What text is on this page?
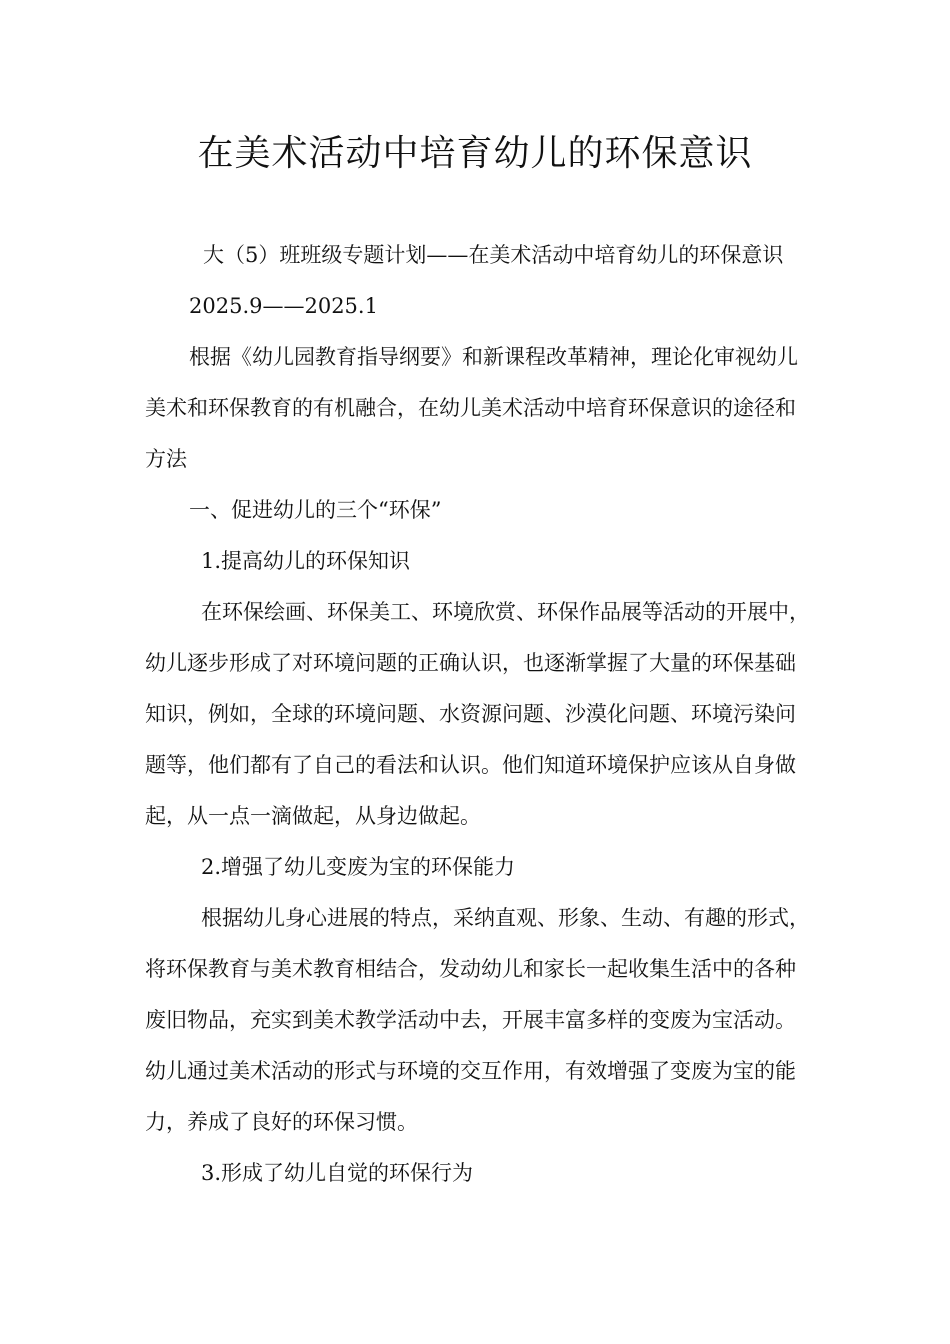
在美术活动中培育幼儿的环保意识

大（5）班班级专题计划——在美术活动中培育幼儿的环保意识

2025.9——2025.1

根据《幼儿园教育指导纲要》和新课程改革精神，理论化审视幼儿美术和环保教育的有机融合，在幼儿美术活动中培育环保意识的途径和方法

一、促进幼儿的三个“环保”

1.提高幼儿的环保知识

在环保绘画、环保美工、环境欣赏、环保作品展等活动的开展中，幼儿逐步形成了对环境问题的正确认识，也逐渐掌握了大量的环保基础知识，例如，全球的环境问题、水资源问题、沙漠化问题、环境污染问题等，他们都有了自己的看法和认识。他们知道环境保护应该从自身做起，从一点一滴做起，从身边做起。

2.增强了幼儿变废为宝的环保能力

根据幼儿身心进展的特点，采纳直观、形象、生动、有趣的形式，将环保教育与美术教育相结合，发动幼儿和家长一起收集生活中的各种废旧物品，充实到美术教学活动中去，开展丰富多样的变废为宝活动。幼儿通过美术活动的形式与环境的交互作用，有效增强了变废为宝的能力，养成了良好的环保习惯。

3.形成了幼儿自觉的环保行为
